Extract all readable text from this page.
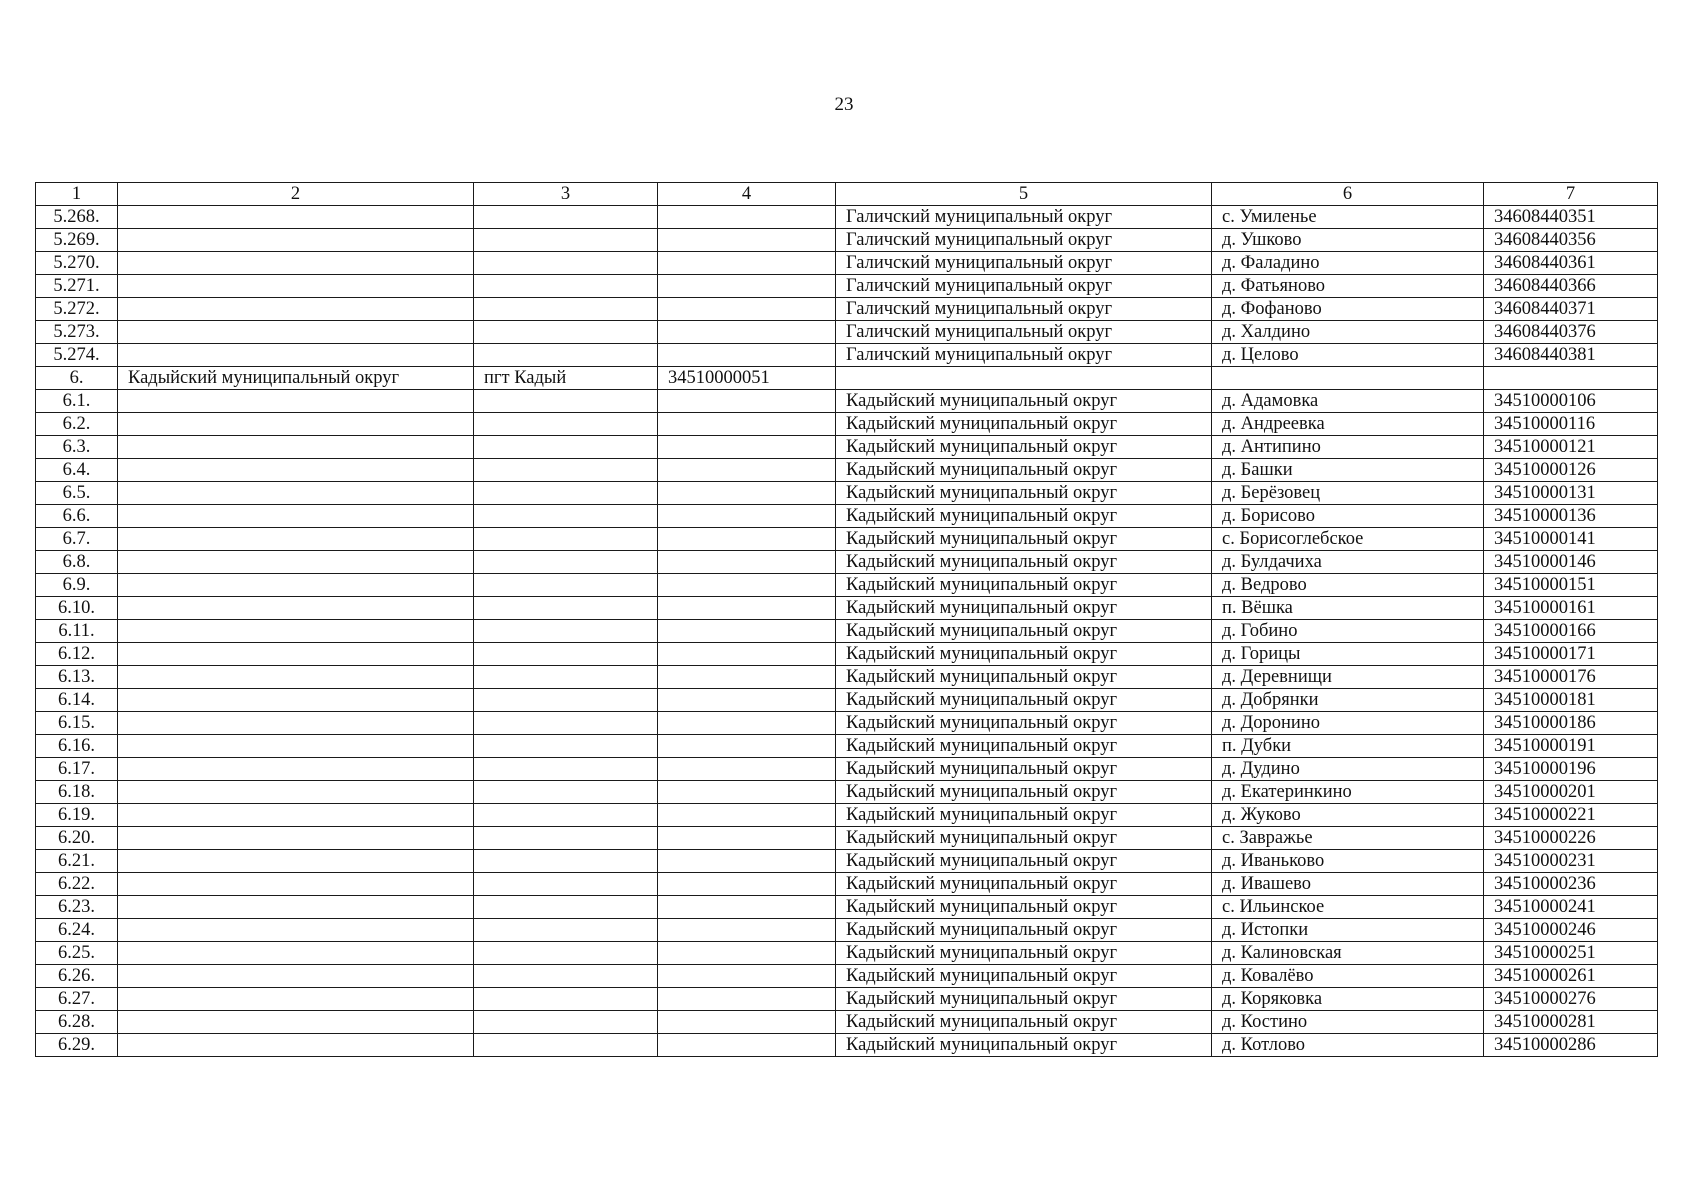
23
1	2	3	4	5	6	7
5.268.				Галичский муниципальный округ	с. Умиленье	34608440351
5.269.				Галичский муниципальный округ	д. Ушково	34608440356
5.270.				Галичский муниципальный округ	д. Фаладино	34608440361
5.271.				Галичский муниципальный округ	д. Фатьяново	34608440366
5.272.				Галичский муниципальный округ	д. Фофаново	34608440371
5.273.				Галичский муниципальный округ	д. Халдино	34608440376
5.274.				Галичский муниципальный округ	д. Целово	34608440381
6.	Кадыйский муниципальный округ	пгт Кадый	34510000051			
6.1.				Кадыйский муниципальный округ	д. Адамовка	34510000106
6.2.				Кадыйский муниципальный округ	д. Андреевка	34510000116
6.3.				Кадыйский муниципальный округ	д. Антипино	34510000121
6.4.				Кадыйский муниципальный округ	д. Башки	34510000126
6.5.				Кадыйский муниципальный округ	д. Берёзовец	34510000131
6.6.				Кадыйский муниципальный округ	д. Борисово	34510000136
6.7.				Кадыйский муниципальный округ	с. Борисоглебское	34510000141
6.8.				Кадыйский муниципальный округ	д. Булдачиха	34510000146
6.9.				Кадыйский муниципальный округ	д. Ведрово	34510000151
6.10.				Кадыйский муниципальный округ	п. Вёшка	34510000161
6.11.				Кадыйский муниципальный округ	д. Гобино	34510000166
6.12.				Кадыйский муниципальный округ	д. Горицы	34510000171
6.13.				Кадыйский муниципальный округ	д. Деревнищи	34510000176
6.14.				Кадыйский муниципальный округ	д. Добрянки	34510000181
6.15.				Кадыйский муниципальный округ	д. Доронино	34510000186
6.16.				Кадыйский муниципальный округ	п. Дубки	34510000191
6.17.				Кадыйский муниципальный округ	д. Дудино	34510000196
6.18.				Кадыйский муниципальный округ	д. Екатеринкино	34510000201
6.19.				Кадыйский муниципальный округ	д. Жуково	34510000221
6.20.				Кадыйский муниципальный округ	с. Завражье	34510000226
6.21.				Кадыйский муниципальный округ	д. Иваньково	34510000231
6.22.				Кадыйский муниципальный округ	д. Ивашево	34510000236
6.23.				Кадыйский муниципальный округ	с. Ильинское	34510000241
6.24.				Кадыйский муниципальный округ	д. Истопки	34510000246
6.25.				Кадыйский муниципальный округ	д. Калиновская	34510000251
6.26.				Кадыйский муниципальный округ	д. Ковалёво	34510000261
6.27.				Кадыйский муниципальный округ	д. Коряковка	34510000276
6.28.				Кадыйский муниципальный округ	д. Костино	34510000281
6.29.				Кадыйский муниципальный округ	д. Котлово	34510000286
